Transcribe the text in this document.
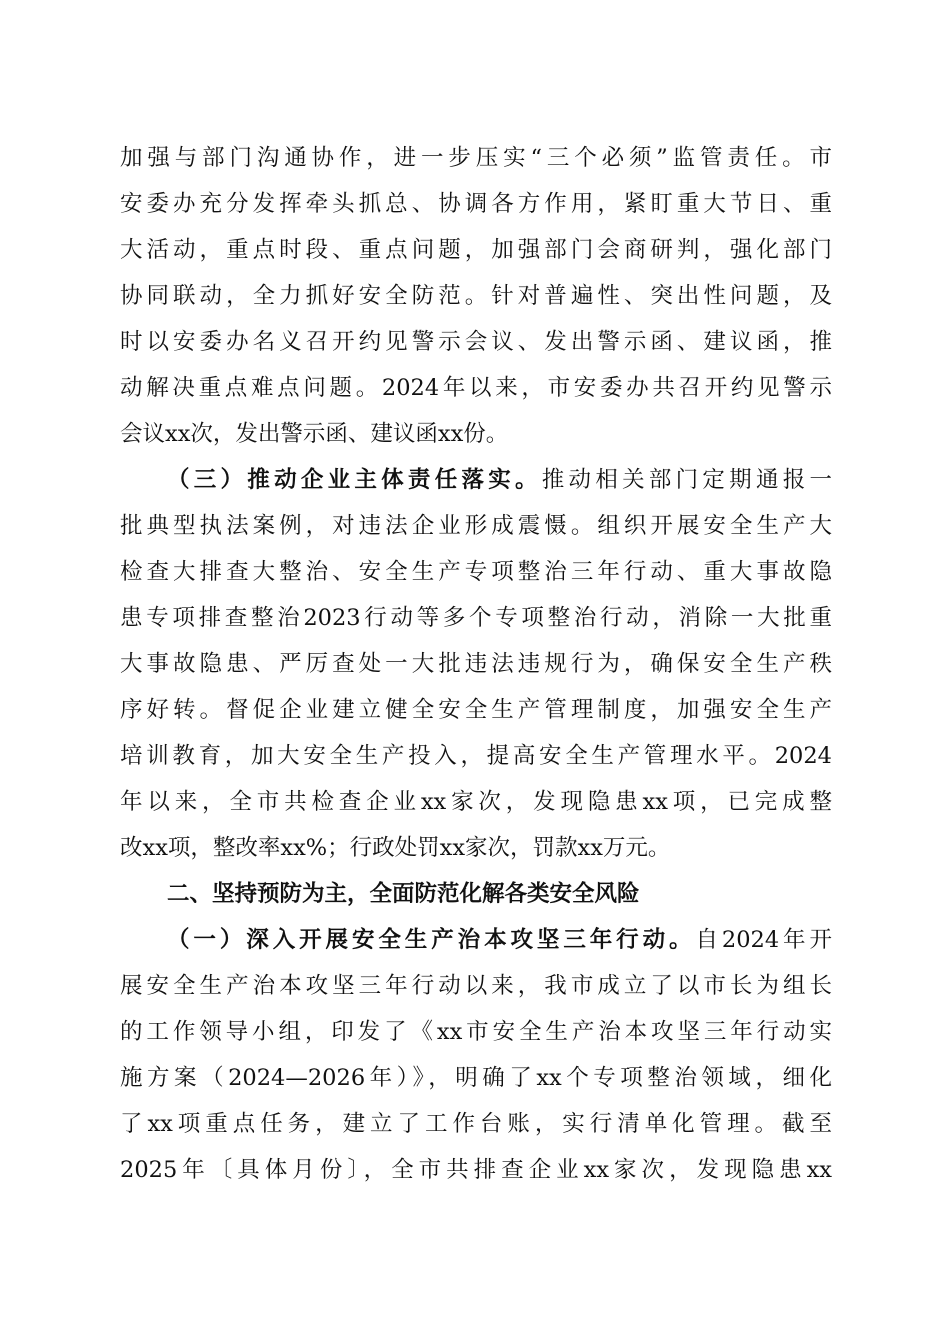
加强与部门沟通协作，进一步压实“三个必须”监管责任。市
安委办充分发挥牵头抓总、协调各方作用，紧盯重大节日、重
大活动，重点时段、重点问题，加强部门会商研判，强化部门
协同联动，全力抓好安全防范。针对普遍性、突出性问题，及
时以安委办名义召开约见警示会议、发出警示函、建议函，推
动解决重点难点问题。2024年以来，市安委办共召开约见警示
会议xx次，发出警示函、建议函xx份。
（三）推动企业主体责任落实。推动相关部门定期通报一
批典型执法案例，对违法企业形成震慑。组织开展安全生产大
检查大排查大整治、安全生产专项整治三年行动、重大事故隐
患专项排查整治2023行动等多个专项整治行动，消除一大批重
大事故隐患、严厉查处一大批违法违规行为，确保安全生产秩
序好转。督促企业建立健全安全生产管理制度，加强安全生产
培训教育，加大安全生产投入，提高安全生产管理水平。2024
年以来，全市共检查企业xx家次，发现隐患xx项，已完成整
改xx项，整改率xx%；行政处罚xx家次，罚款xx万元。
二、坚持预防为主，全面防范化解各类安全风险
（一）深入开展安全生产治本攻坚三年行动。自2024年开
展安全生产治本攻坚三年行动以来，我市成立了以市长为组长
的工作领导小组，印发了《xx市安全生产治本攻坚三年行动实
施方案（2024—2026年）》，明确了xx个专项整治领域，细化
了xx项重点任务，建立了工作台账，实行清单化管理。截至
2025年〔具体月份〕，全市共排查企业xx家次，发现隐患xx
